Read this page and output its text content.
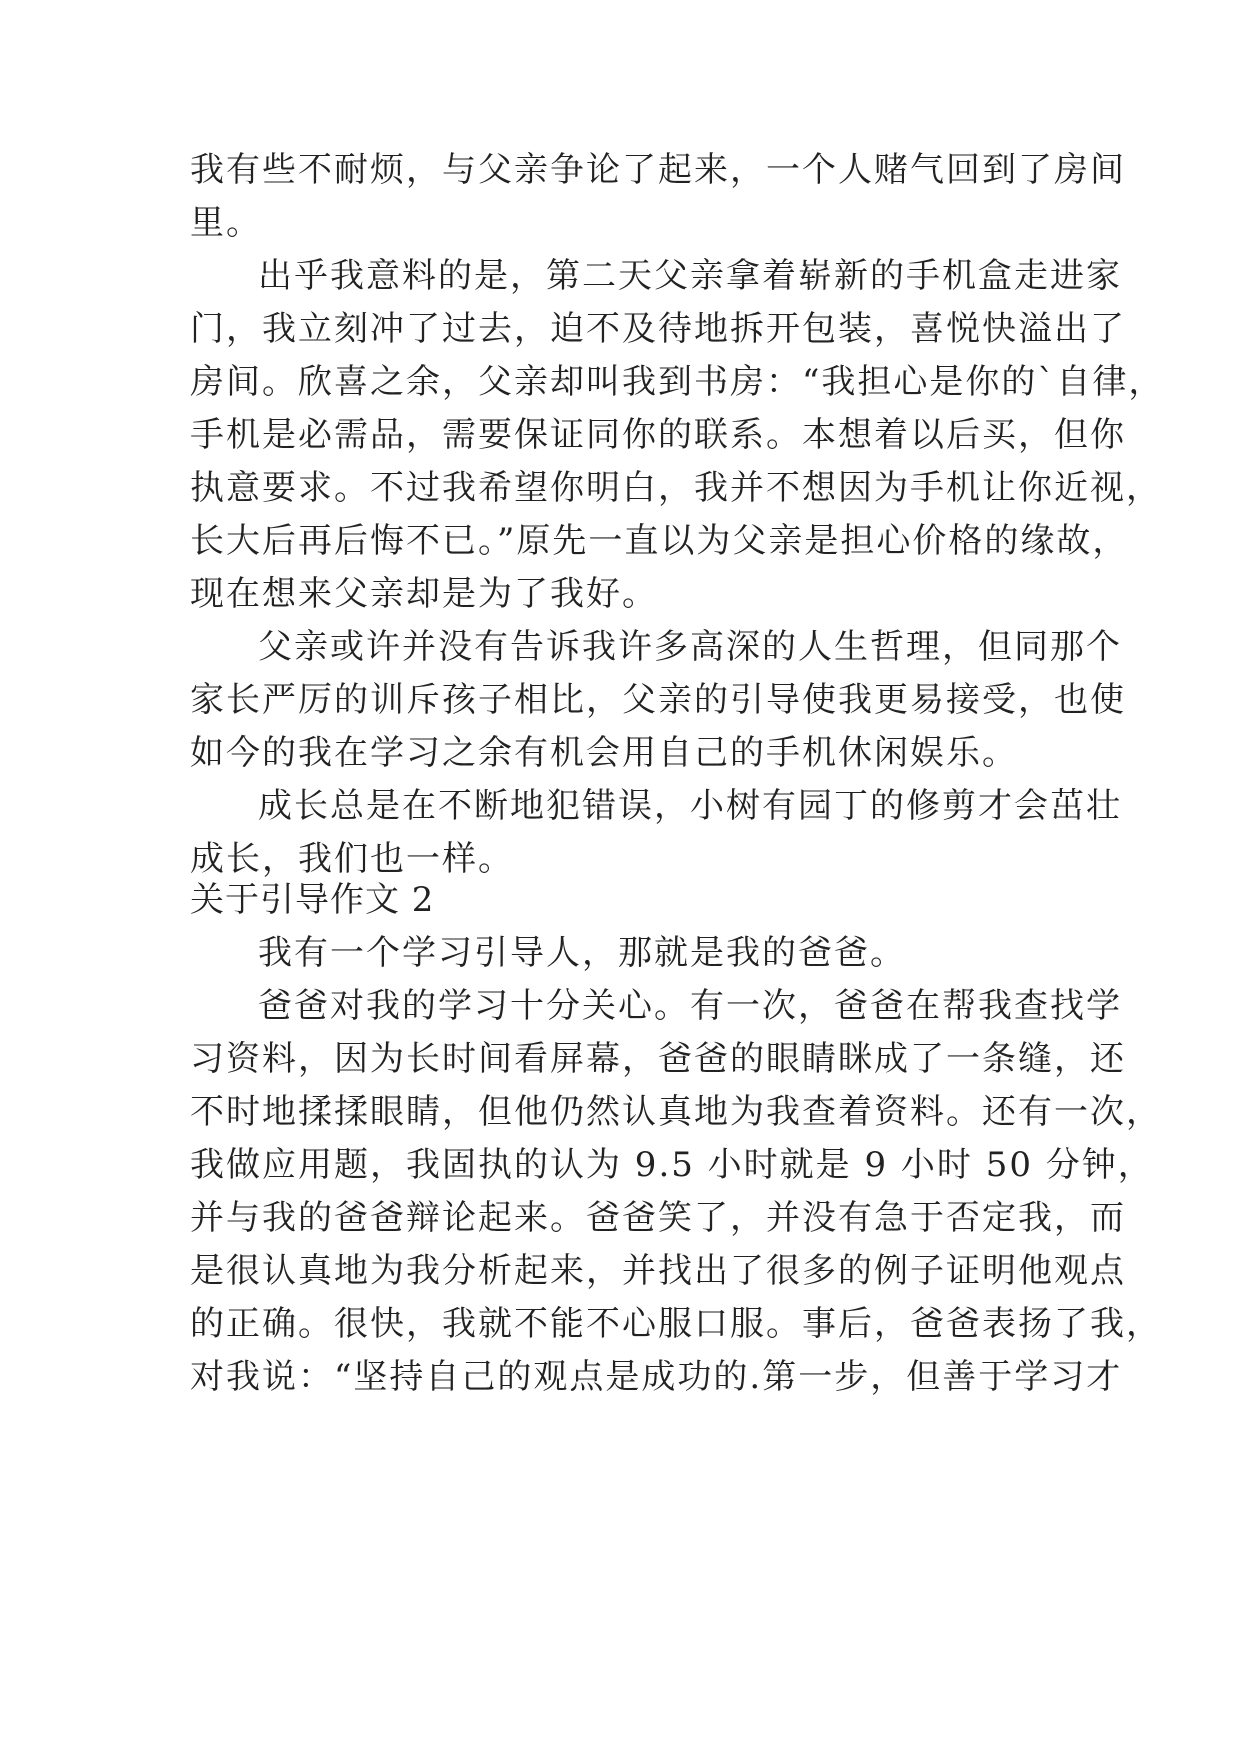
我有些不耐烦，与父亲争论了起来，一个人赌气回到了房间
里。
出乎我意料的是，第二天父亲拿着崭新的手机盒走进家
门，我立刻冲了过去，迫不及待地拆开包装，喜悦快溢出了
房间。欣喜之余，父亲却叫我到书房：“我担心是你的`自律，
手机是必需品，需要保证同你的联系。本想着以后买，但你
执意要求。不过我希望你明白，我并不想因为手机让你近视，
长大后再后悔不已。”原先一直以为父亲是担心价格的缘故，
现在想来父亲却是为了我好。
父亲或许并没有告诉我许多高深的人生哲理，但同那个
家长严厉的训斥孩子相比，父亲的引导使我更易接受，也使
如今的我在学习之余有机会用自己的手机休闲娱乐。
成长总是在不断地犯错误，小树有园丁的修剪才会茁壮
成长，我们也一样。
关于引导作文 2
我有一个学习引导人，那就是我的爸爸。
爸爸对我的学习十分关心。有一次，爸爸在帮我查找学
习资料，因为长时间看屏幕，爸爸的眼睛眯成了一条缝，还
不时地揉揉眼睛，但他仍然认真地为我查着资料。还有一次，
我做应用题，我固执的认为 9.5 小时就是 9 小时 50 分钟，
并与我的爸爸辩论起来。爸爸笑了，并没有急于否定我，而
是很认真地为我分析起来，并找出了很多的例子证明他观点
的正确。很快，我就不能不心服口服。事后，爸爸表扬了我，
对我说：“坚持自己的观点是成功的.第一步，但善于学习才
